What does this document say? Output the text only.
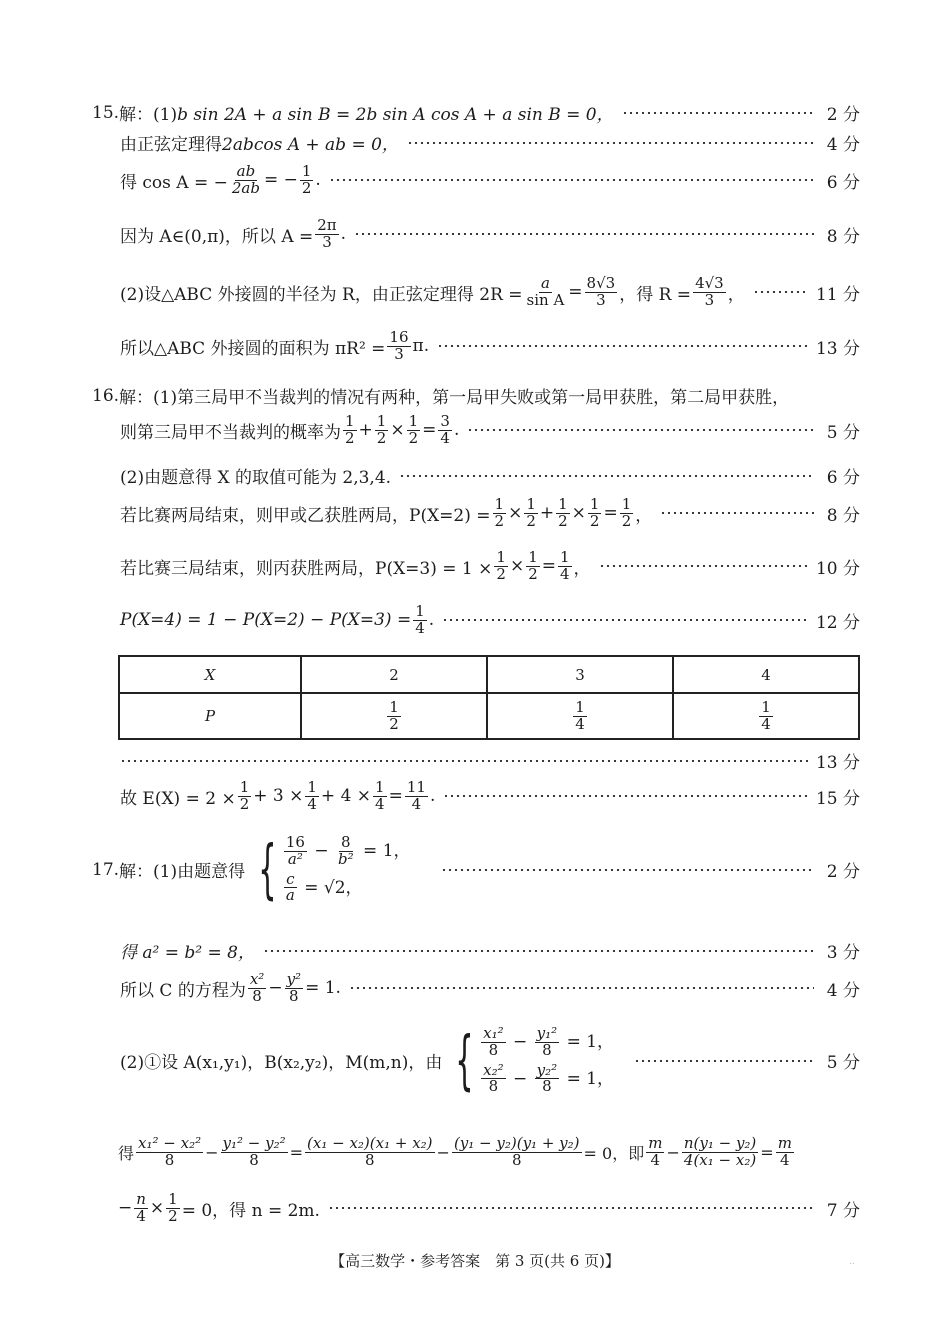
15. 解：(1) b sin 2A + a sin B = 2b sin A cos A + a sin B = 0，	2 分
由正弦定理得 2abcos A + ab = 0，	4 分
得 cos A = − $\frac{ab}{2ab}$ = − $\frac{1}{2}$ .	6 分
因为 A∈(0,π)，所以 $A = \frac{2\pi}{3}$ .	8 分
(2)设△ABC 外接圆的半径为 R，由正弦定理得 $2R = \frac{a}{\text{sin A}} = \frac{8√3}{3}$ ，得 $R = \frac{4√3}{3}$ ，	11 分
所以△ABC 外接圆的面积为 $\pi R^2 = \frac{16}{3} \pi$.	13 分
16. 解：(1)第三局甲不当裁判的情况有两种，第一局甲失败或第一局甲获胜，第二局甲获胜，
则第三局甲不当裁判的概率为
1
$2 + \frac{1}{2} \times \frac{1}{2} = \frac{3}{4}$ .	5 分
(2)由题意得 X 的取值可能为 2,3,4.	6 分
若比赛两局结束，则甲或乙获胜两局，$P(X=2) = \frac{1}{2} \times \frac{1}{2} + \frac{1}{2} \times \frac{1}{2} = \frac{1}{2}$ ，	8 分
若比赛三局结束，则丙获胜两局，$P(X=3) = 1 \times \frac{1}{2} \times \frac{1}{2} = \frac{1}{4}$ ，	10 分
$P(X=4) = 1 - P(X=2) - P(X=3) = \frac{1}{4}$ .	12 分
X	2	3	4
P	$\frac{1}{2}$	$\frac{1}{4}$	$\frac{1}{4}$
13 分
故 $E(X) = 2 \times \frac{1}{2} + 3 \times \frac{1}{4} + 4 \times \frac{1}{4} = \frac{11}{4}$ .	15 分
17. 解：(1)由题意得 { $\frac{16}{\text{a²}} - \frac{8}{\text{b²}} = 1$，
$\frac{c}{a} = √2$，
2 分
得 a² = b² = 8，	3 分
所以 C 的方程为
x²
$8 - \frac{\text{y²}}{8} = 1$.	4 分
(2)①设 A(x₁,y₁)，B(x₂,y₂)，M(m,n)，由 { $\frac{\text{x₁²}}{8} - \frac{\text{y₁²}}{8} = 1$，
$\frac{\text{x₂²}}{8} - \frac{\text{y₂²}}{8} = 1$，
5 分
得
x₁² − x₂²
$8 - \frac{\text{y₁² − y₂²}}{8} = \frac{\text{(x₁ − x₂)(x₁ + x₂)}}{8} - \frac{\text{(y₁ − y₂)(y₁ + y₂)}}{8} = 0$，即
m
$4 - \frac{\text{n(y₁ − y₂)}}{\text{4(x₁ − x₂)}} = \frac{m}{4}$
− $\frac{n}{4} \times \frac{1}{2} = 0$，得 n = 2m.	7 分
【高三数学・参考答案　第 3 页(共 6 页)】	..
